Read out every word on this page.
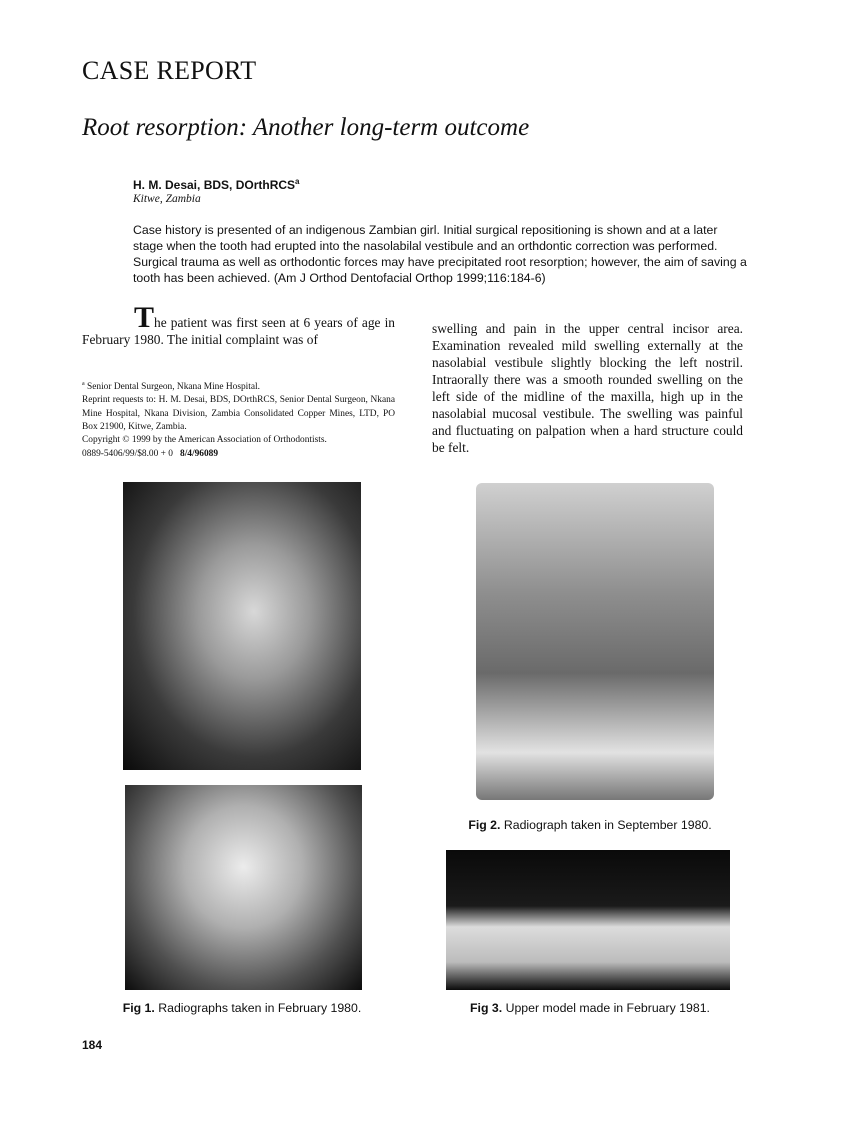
CASE REPORT
Root resorption: Another long-term outcome
H. M. Desai, BDS, DOrthRCS$^a$
Kitwe, Zambia
Case history is presented of an indigenous Zambian girl. Initial surgical repositioning is shown and at a later stage when the tooth had erupted into the nasolabilal vestibule and an orthdontic correction was performed. Surgical trauma as well as orthodontic forces may have precipitated root resorption; however, the aim of saving a tooth has been achieved. (Am J Orthod Dentofacial Orthop 1999;116:184-6)
The patient was first seen at 6 years of age in February 1980. The initial complaint was of
$^a$ Senior Dental Surgeon, Nkana Mine Hospital.
Reprint requests to: H. M. Desai, BDS, DOrthRCS, Senior Dental Surgeon, Nkana Mine Hospital, Nkana Division, Zambia Consolidated Copper Mines, LTD, PO Box 21900, Kitwe, Zambia.
Copyright © 1999 by the American Association of Orthodontists.
0889-5406/99/$8.00 + 0 8/4/96089
swelling and pain in the upper central incisor area. Examination revealed mild swelling externally at the nasolabial vestibule slightly blocking the left nostril. Intraorally there was a smooth rounded swelling on the left side of the midline of the maxilla, high up in the nasolabial mucosal vestibule. The swelling was painful and fluctuating on palpation when a hard structure could be felt.
Fig 1. Radiographs taken in February 1980.
Fig 2. Radiograph taken in September 1980.
Fig 3. Upper model made in February 1981.
184
